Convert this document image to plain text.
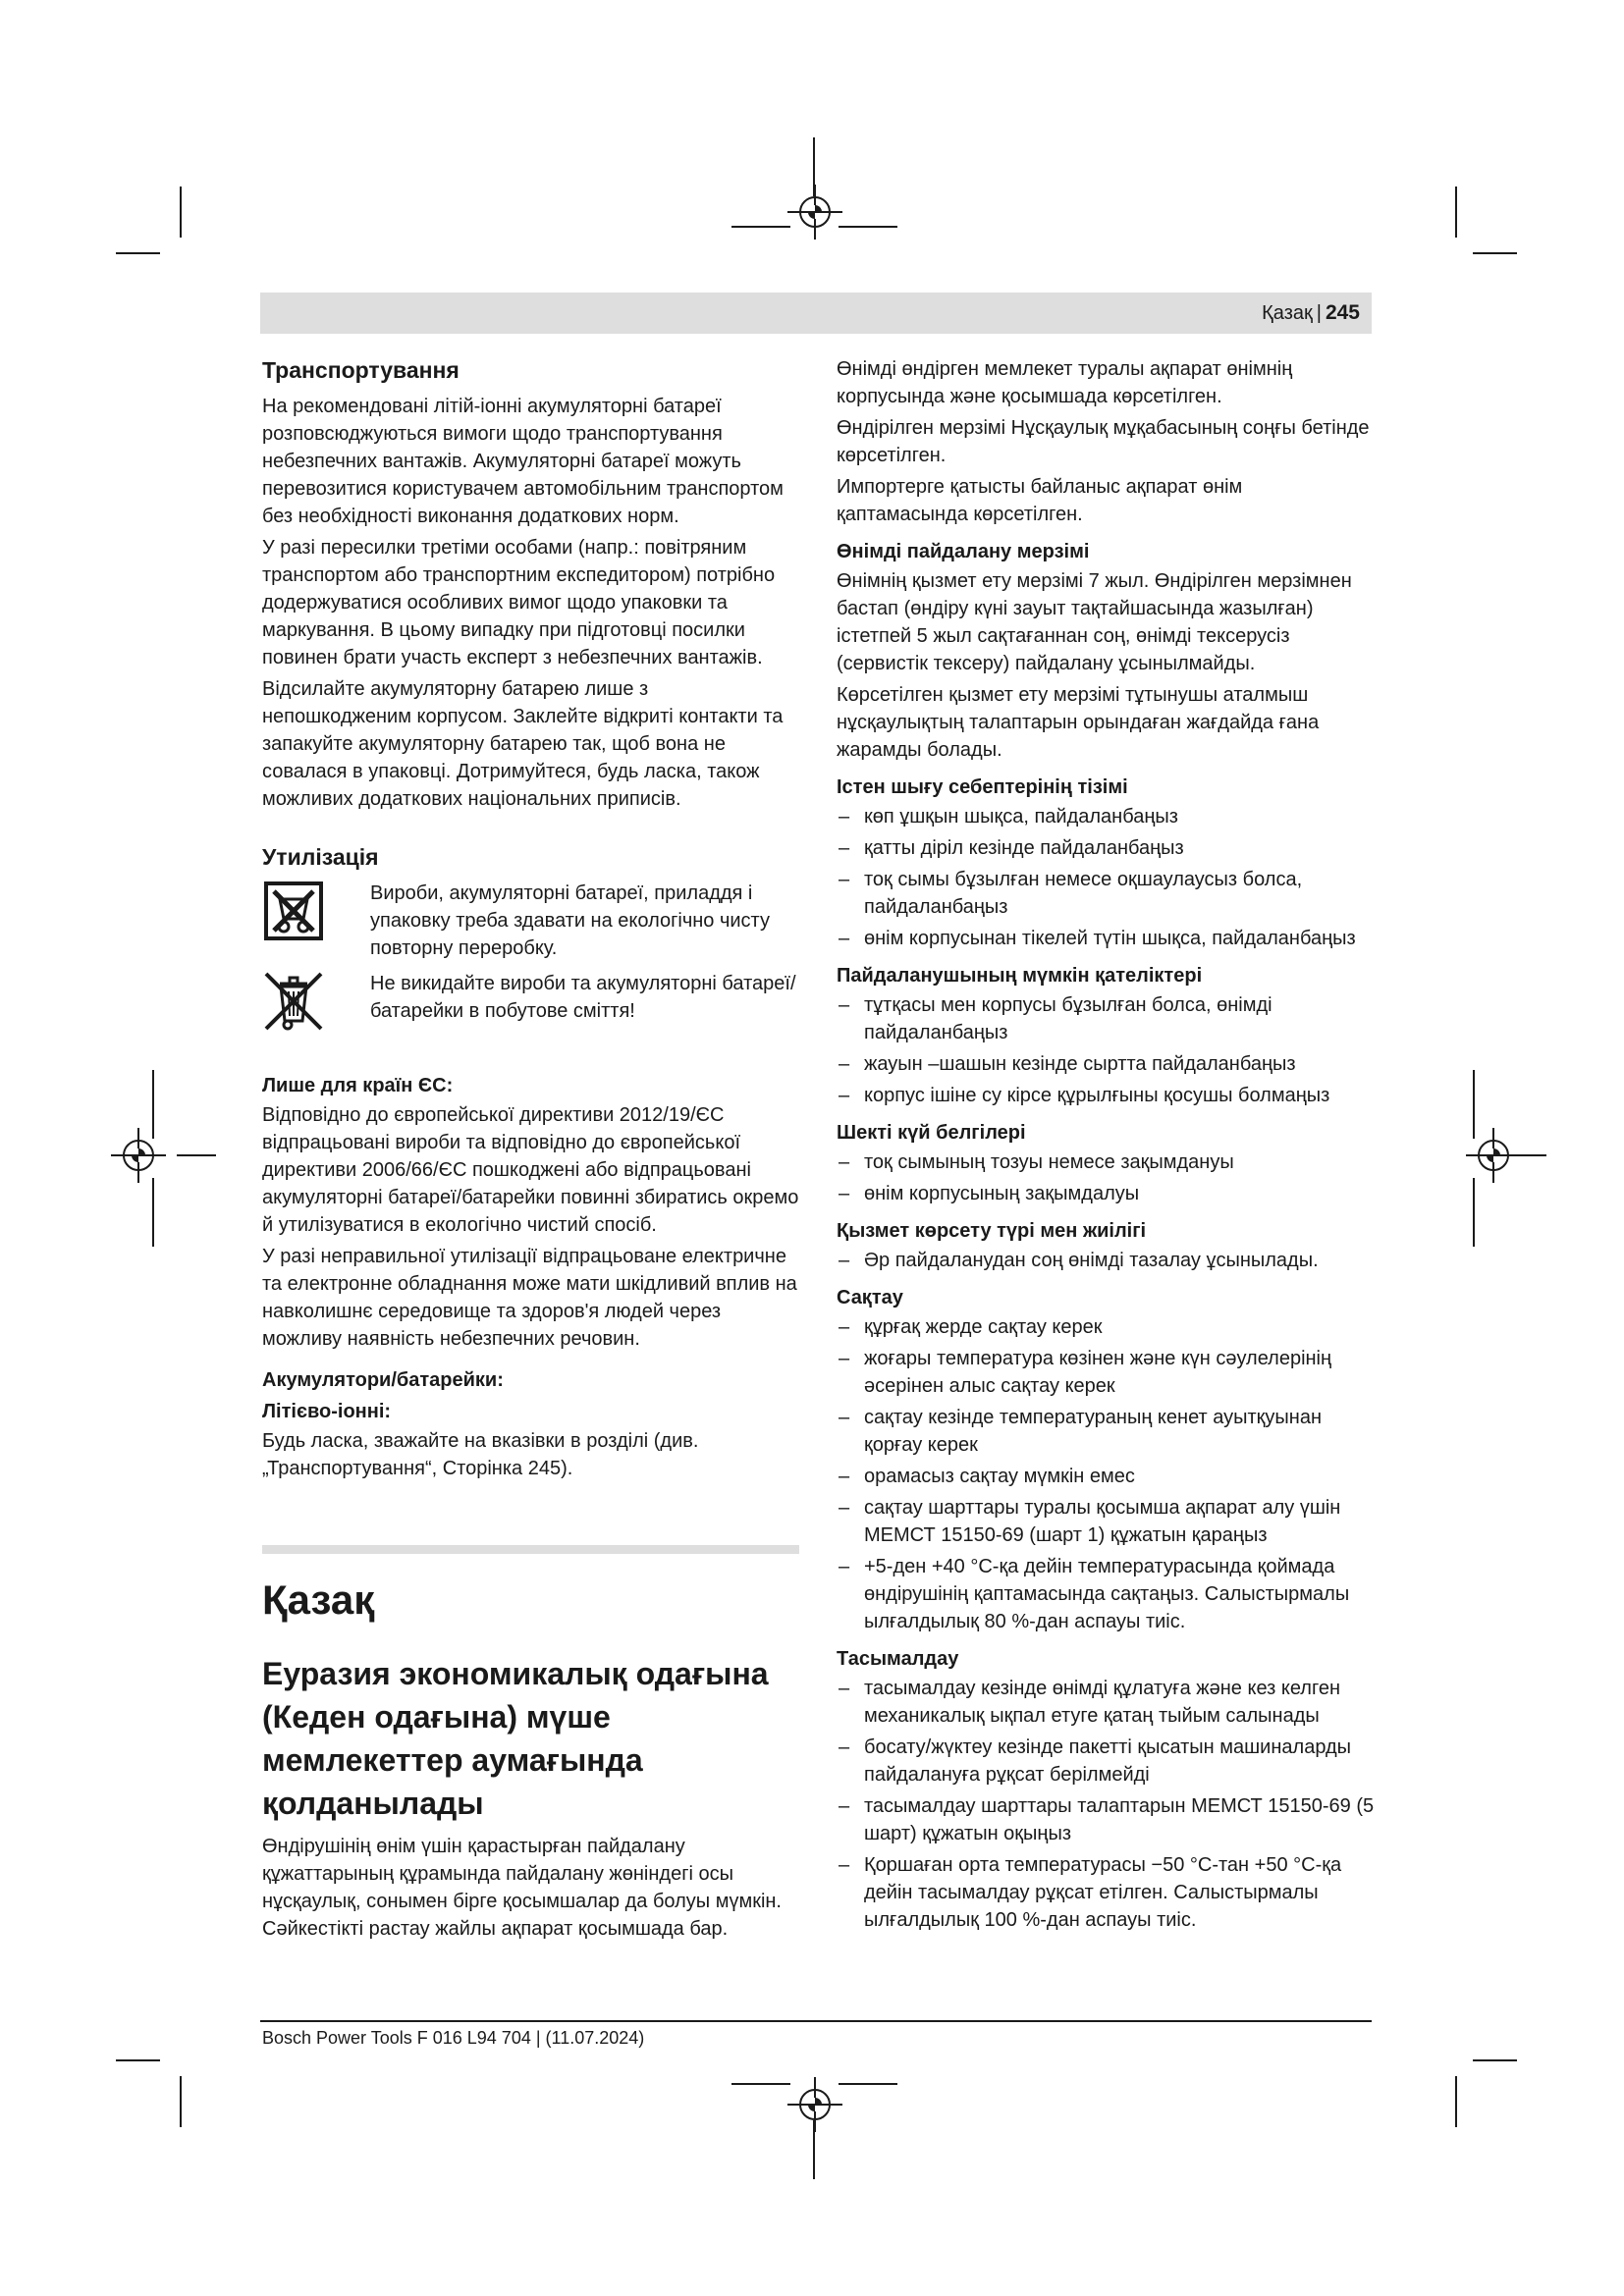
Қазақ | 245
Транспортування

На рекомендовані літій-іонні акумуляторні батареї розповсюджуються вимоги щодо транспортування небезпечних вантажів. Акумуляторні батареї можуть перевозитися користувачем автомобільним транспортом без необхідності виконання додаткових норм.

У разі пересилки третіми особами (напр.: повітряним транспортом або транспортним експедитором) потрібно додержуватися особливих вимог щодо упаковки та маркування. В цьому випадку при підготовці посилки повинен брати участь експерт з небезпечних вантажів.

Відсилайте акумуляторну батарею лише з непошкодженим корпусом. Заклейте відкриті контакти та запакуйте акумуляторну батарею так, щоб вона не совалася в упаковці. Дотримуйтеся, будь ласка, також можливих додаткових національних приписів.

Утилізація
Вироби, акумуляторні батареї, приладдя і упаковку треба здавати на екологічно чисту повторну переробку.
Не викидайте вироби та акумуляторні батареї/батарейки в побутове сміття!
Лише для країн ЄС:

Відповідно до європейської директиви 2012/19/ЄС відпрацьовані вироби та відповідно до європейської директиви 2006/66/ЄС пошкоджені або відпрацьовані акумуляторні батареї/батарейки повинні збиратись окремо й утилізуватися в екологічно чистий спосіб.

У разі неправильної утилізації відпрацьоване електричне та електронне обладнання може мати шкідливий вплив на навколишнє середовище та здоров'я людей через можливу наявність небезпечних речовин.

Акумулятори/батарейки:
Літієво-іонні:

Будь ласка, зважайте на вказівки в розділі (див. „Транспортування“, Сторінка 245).

Қазақ
Еуразия экономикалық одағына (Кеден одағына) мүше мемлекеттер аумағында қолданылады

Өндірушінің өнім үшін қарастырған пайдалану құжаттарының құрамында пайдалану жөніндегі осы нұсқаулық, сонымен бірге қосымшалар да болуы мүмкін. Сәйкестікті растау жайлы ақпарат қосымшада бар.

Өнімді өндірген мемлекет туралы ақпарат өнімнің корпусында және қосымшада көрсетілген.

Өндірілген мерзімі Нұсқаулық мұқабасының соңғы бетінде көрсетілген.

Импортерге қатысты байланыс ақпарат өнім қаптамасында көрсетілген.

Өнімді пайдалану мерзімі

Өнімнің қызмет ету мерзімі 7 жыл. Өндірілген мерзімнен бастап (өндіру күні зауыт тақтайшасында жазылған) істетпей 5 жыл сақтағаннан соң, өнімді тексерусіз (сервистік тексеру) пайдалану ұсынылмайды.

Көрсетілген қызмет ету мерзімі тұтынушы аталмыш нұсқаулықтың талаптарын орындаған жағдайда ғана жарамды болады.

Істен шығу себептерінің тізімі
– көп ұшқын шықса, пайдаланбаңыз
– қатты діріл кезінде пайдаланбаңыз
– тоқ сымы бұзылған немесе оқшаулаусыз болса, пайдаланбаңыз
– өнім корпусынан тікелей түтін шықса, пайдаланбаңыз
Пайдаланушының мүмкін қателіктері
– тұтқасы мен корпусы бұзылған болса, өнімді пайдаланбаңыз
– жауын –шашын кезінде сыртта пайдаланбаңыз
– корпус ішіне су кірсе құрылғыны қосушы болмаңыз
Шекті күй белгілері
– тоқ сымының тозуы немесе зақымдануы
– өнім корпусының зақымдалуы
Қызмет көрсету түрі мен жиілігі
– Әр пайдаланудан соң өнімді тазалау ұсынылады.
Сақтау
– құрғақ жерде сақтау керек
– жоғары температура көзінен және күн сәулелерінің әсерінен алыс сақтау керек
– сақтау кезінде температураның кенет ауытқуынан қорғау керек
– орамасыз сақтау мүмкін емес
– сақтау шарттары туралы қосымша ақпарат алу үшін МЕМСТ 15150-69 (шарт 1) құжатын қараңыз
– +5-ден +40 °C-қа дейін температурасында қоймада өндірушінің қаптамасында сақтаңыз. Салыстырмалы ылғалдылық 80 %-дан аспауы тиіс.
Тасымалдау
– тасымалдау кезінде өнімді құлатуға және кез келген механикалық ықпал етуге қатаң тыйым салынады
– босату/жүктеу кезінде пакетті қысатын машиналарды пайдалануға рұқсат берілмейді
– тасымалдау шарттары талаптарын МЕМСТ 15150-69 (5 шарт) құжатын оқыңыз
– Қоршаған орта температурасы −50 °C-тан +50 °C-қа дейін тасымалдау рұқсат етілген. Салыстырмалы ылғалдылық 100 %-дан аспауы тиіс.
Bosch Power Tools F 016 L94 704 | (11.07.2024)
